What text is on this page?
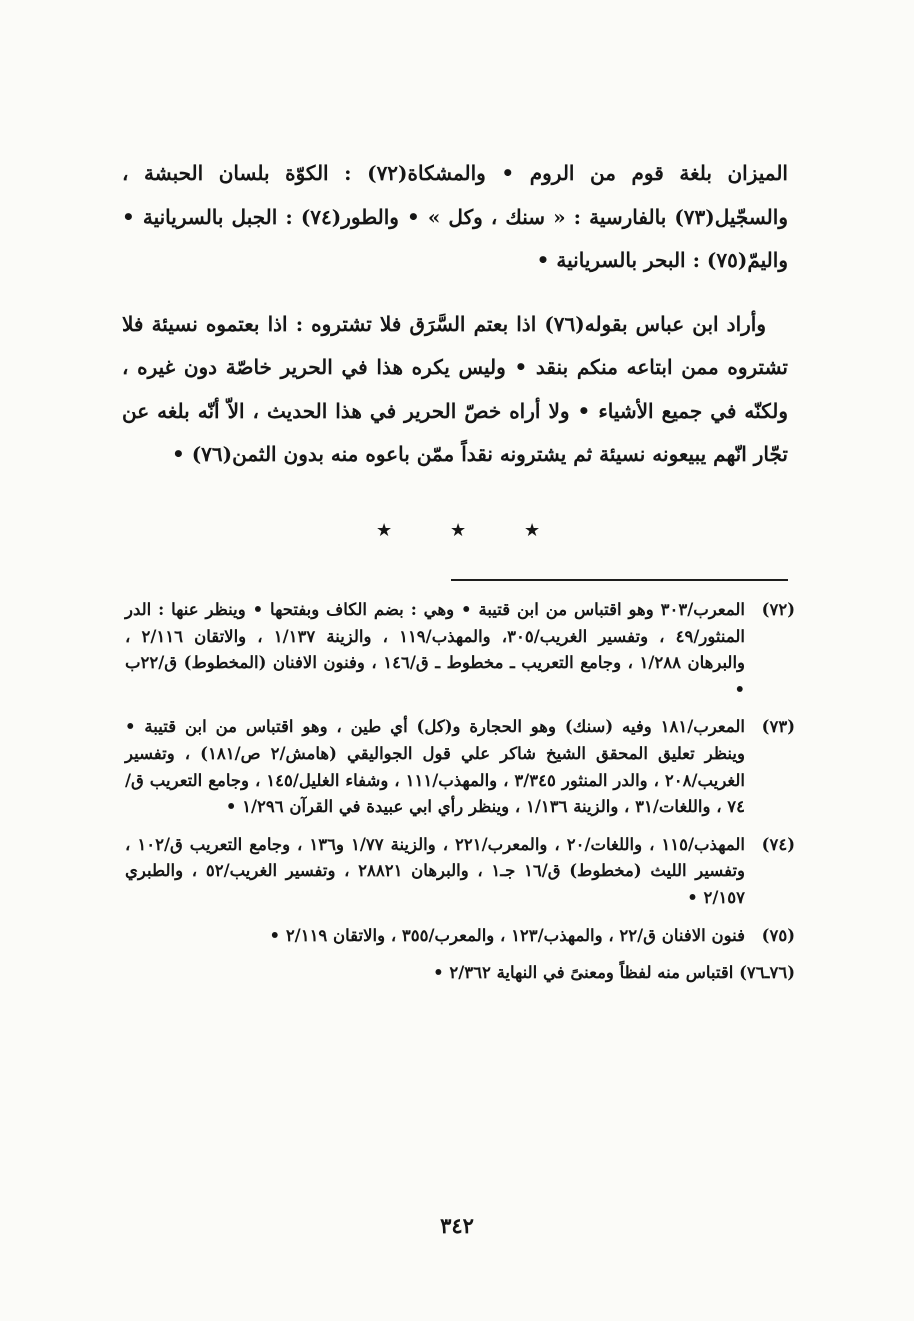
الميزان بلغة قوم من الروم • والمشكاة(٧٢) : الكوّة بلسان الحبشة ، والسجّيل(٧٣) بالفارسية : « سنك ، وكل » • والطور(٧٤) : الجبل بالسريانية • واليمّ(٧٥) : البحر بالسريانية •

وأراد ابن عباس بقوله(٧٦) اذا بعتم السَّرَق فلا تشتروه : اذا بعتموه نسيئة فلا تشتروه ممن ابتاعه منكم بنقد • وليس يكره هذا في الحرير خاصّة دون غيره ، ولكنّه في جميع الأشياء • ولا أراه خصّ الحرير في هذا الحديث ، الاّ أنّه بلغه عن تجّار انّهم يبيعونه نسيئة ثم يشترونه نقداً ممّن باعوه منه بدون الثمن(٧٦) •

★	★	★
(٧٢)
المعرب/٣٠٣ وهو اقتباس من ابن قتيبة • وهي : بضم الكاف وبفتحها • وينظر عنها : الدر المنثور/٤٩ ، وتفسير الغريب/٣٠٥، والمهذب/١١٩ ، والزينة ١/١٣٧ ، والاتقان ٢/١١٦ ، والبرهان ١/٢٨٨ ، وجامع التعريب ـ مخطوط ـ ق/١٤٦ ، وفنون الافنان (المخطوط) ق/٢٢ب •
(٧٣)
المعرب/١٨١ وفيه (سنك) وهو الحجارة و(كل) أي طين ، وهو اقتباس من ابن قتيبة • وينظر تعليق المحقق الشيخ شاكر علي قول الجواليقي (هامش/٢ ص/١٨١) ، وتفسير الغريب/٢٠٨ ، والدر المنثور ٣/٣٤٥ ، والمهذب/١١١ ، وشفاء الغليل/١٤٥ ، وجامع التعريب ق/٧٤ ، واللغات/٣١ ، والزينة ١/١٣٦ ، وينظر رأي ابي عبيدة في القرآن ١/٢٩٦ •
(٧٤)
المهذب/١١٥ ، واللغات/٢٠ ، والمعرب/٢٢١ ، والزينة ١/٧٧ و١٣٦ ، وجامع التعريب ق/١٠٢ ، وتفسير الليث (مخطوط) ق/١٦ جـ١ ، والبرهان ٢٨٨٢١ ، وتفسير الغريب/٥٢ ، والطبري ٢/١٥٧ •
(٧٥)
فنون الافنان ق/٢٢ ، والمهذب/١٢٣ ، والمعرب/٣٥٥ ، والاتقان ٢/١١٩ •
(٧٦ـ٧٦) اقتباس منه لفظاً ومعنىً في النهاية ٢/٣٦٢ •
٣٤٢
